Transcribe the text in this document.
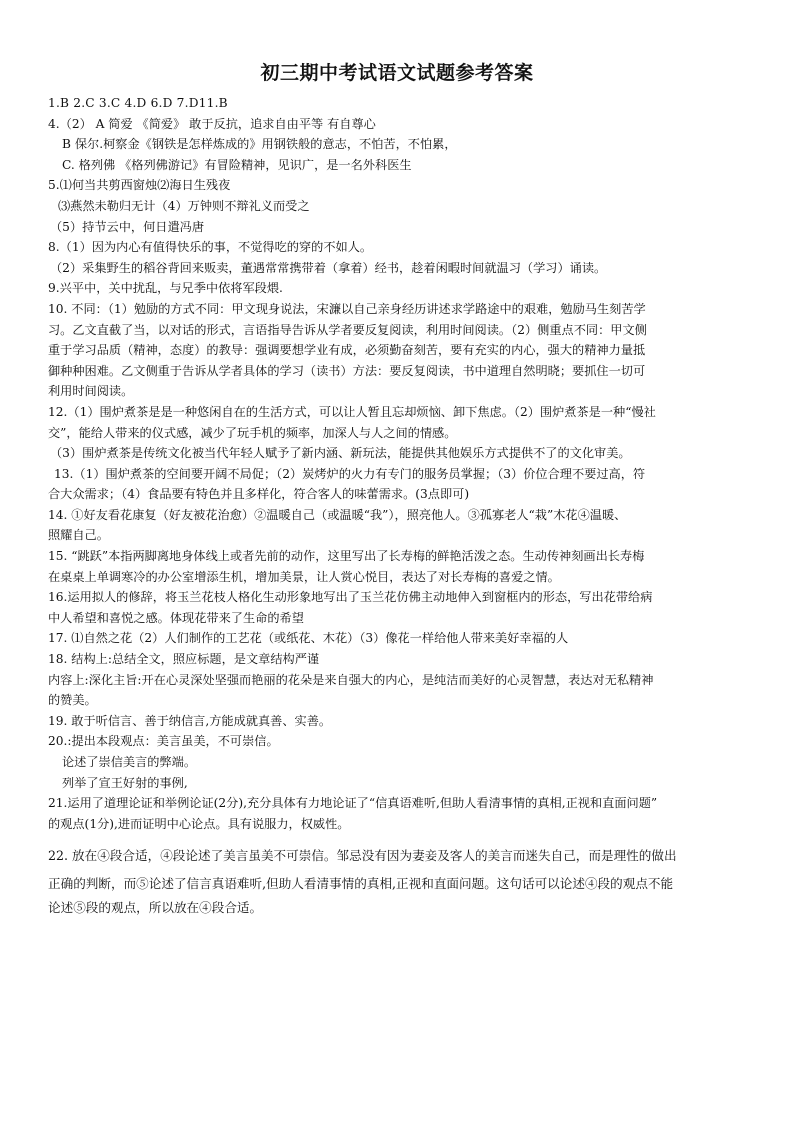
初三期中考试语文试题参考答案
1.B 2.C 3.C 4.D 6.D 7.D11.B
4.（2） A 简爱 《简爱》 敢于反抗，追求自由平等 有自尊心
B 保尔.柯察金《钢铁是怎样炼成的》用钢铁般的意志，不怕苦，不怕累，
C. 格列佛 《格列佛游记》有冒险精神，见识广，是一名外科医生
5.⑴何当共剪西窗烛⑵海日生残夜
⑶燕然未勒归无计（4）万钟则不辩礼义而受之
（5）持节云中，何日遣冯唐
8.（1）因为内心有值得快乐的事，不觉得吃的穿的不如人。
（2）采集野生的稻谷背回来贩卖，董遇常常携带着（拿着）经书，趁着闲暇时间就温习（学习）诵读。
9.兴平中，关中扰乱，与兄季中依将军段煨.
10. 不同：（1）勉励的方式不同：甲文现身说法，宋濂以自己亲身经历讲述求学路途中的艰难，勉励马生刻苦学
习。乙文直截了当，以对话的形式，言语指导告诉从学者要反复阅读，利用时间阅读。（2）侧重点不同：甲文侧
重于学习品质（精神，态度）的教导：强调要想学业有成，必须勤奋刻苦，要有充实的内心，强大的精神力量抵
御种种困难。乙文侧重于告诉从学者具体的学习（读书）方法：要反复阅读，书中道理自然明晓；要抓住一切可
利用时间阅读。
12.（1）围炉煮茶是是一种悠闲自在的生活方式，可以让人暂且忘却烦恼、卸下焦虑。（2）围炉煮茶是一种“慢社
交”，能给人带来的仪式感，减少了玩手机的频率，加深人与人之间的情感。
（3）围炉煮茶是传统文化被当代年轻人赋予了新内涵、新玩法，能提供其他娱乐方式提供不了的文化审美。
13.（1）围炉煮茶的空间要开阔不局促；（2）炭烤炉的火力有专门的服务员掌握；（3）价位合理不要过高，符
合大众需求；（4）食品要有特色并且多样化，符合客人的味蕾需求。(3点即可)
14. ①好友看花康复（好友被花治愈）②温暖自己（或温暖“我”），照亮他人。③孤寡老人“栽”木花④温暖、
照耀自己。
15. “跳跃”本指两脚离地身体线上或者先前的动作，这里写出了长寿梅的鲜艳活泼之态。生动传神刻画出长寿梅
在桌桌上单调寒冷的办公室增添生机，增加美景，让人赏心悦目，表达了对长寿梅的喜爱之情。
16.运用拟人的修辞，将玉兰花枝人格化生动形象地写出了玉兰花仿佛主动地伸入到窗框内的形态，写出花带给病
中人希望和喜悦之感。体现花带来了生命的希望
17. ⑴自然之花（2）人们制作的工艺花（或纸花、木花）（3）像花一样给他人带来美好幸福的人
18. 结构上:总结全文，照应标题，是文章结构严谨
内容上:深化主旨:开在心灵深处坚强而艳丽的花朵是来自强大的内心，是纯洁而美好的心灵智慧，表达对无私精神
的赞美。
19. 敢于听信言、善于纳信言,方能成就真善、实善。
20.:提出本段观点：美言虽美，不可崇信。
论述了崇信美言的弊端。
列举了宣王好射的事例,
21.运用了道理论证和举例论证(2分),充分具体有力地论证了“信真语难听,但助人看清事情的真相,正视和直面问题”
的观点(1分),进而证明中心论点。具有说服力，权威性。
22. 放在④段合适，④段论述了美言虽美不可崇信。邹忌没有因为妻妾及客人的美言而迷失自己，而是理性的做出
正确的判断，而⑤论述了信言真语难听,但助人看清事情的真相,正视和直面问题。这句话可以论述④段的观点不能
论述⑤段的观点，所以放在④段合适。
